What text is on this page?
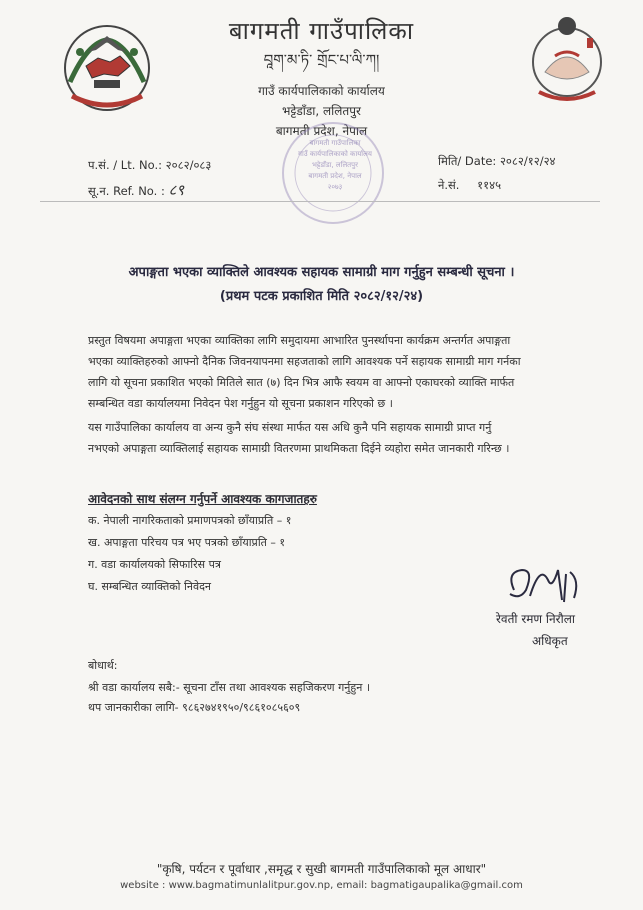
बागमती गाउँपालिका
བཱག་མ་ཏི་ གྲོང་པ་ལི་ཀ།
गाउँ कार्यपालिकाको कार्यालय
भट्टेडाँडा, ललितपुर
बागमती प्रदेश, नेपाल
बागमती गाउँपालिका
गाउँ कार्यपालिकाको कार्यालय
भट्टेडाँडा, ललितपुर
बागमती प्रदेश, नेपाल
२०७३
प.सं. / Lt. No.: २०८२/०८३
सू.न. Ref. No. : ८९
मिति/ Date: २०८२/१२/२४
ने.सं. ११४५
अपाङ्गता भएका व्याक्तिले आवश्यक सहायक सामाग्री माग गर्नुहुन सम्बन्धी सूचना ।
(प्रथम पटक प्रकाशित मिति २०८२/१२/२४)
प्रस्तुत विषयमा अपाङ्गता भएका व्याक्तिका लागि समुदायमा आभारित पुनर्स्थापना कार्यक्रम अन्तर्गत अपाङ्गता
भएका व्याक्तिहरुको आफ्नो दैनिक जिवनयापनमा सहजताको लागि आवश्यक पर्ने सहायक सामाग्री माग गर्नका
लागि यो सूचना प्रकाशित भएको मितिले सात (७) दिन भित्र आफै स्वयम वा आफ्नो एकाघरको व्याक्ति मार्फत
सम्बन्धित वडा कार्यालयमा निवेदन पेश गर्नुहुन यो सूचना प्रकाशन गरिएको छ ।
यस गाउँपालिका कार्यालय वा अन्य कुनै संघ संस्था मार्फत यस अधि कुनै पनि सहायक सामाग्री प्राप्त गर्नु
नभएको अपाङ्गता व्याक्तिलाई सहायक सामाग्री वितरणमा प्राथमिकता दिईने व्यहोरा समेत जानकारी गरिन्छ ।
आवेदनको साथ संलग्न गर्नुपर्ने आवश्यक कागजातहरु
क. नेपाली नागरिकताको प्रमाणपत्रको छाँयाप्रति – १
ख. अपाङ्गता परिचय पत्र भए पत्रको छाँयाप्रति – १
ग. वडा कार्यालयको सिफारिस पत्र
घ. सम्बन्धित व्याक्तिको निवेदन
रेवती रमण निरौला
अधिकृत
बोधार्थ:
श्री वडा कार्यालय सबै:- सूचना टाँस तथा आवश्यक सहजिकरण गर्नुहुन ।
थप जानकारीका लागि- ९८६२७४१९५०/९८६१०८५६०९
"कृषि, पर्यटन र पूर्वाधार ,समृद्ध र सुखी बागमती गाउँपालिकाको मूल आधार"
website : www.bagmatimunlalitpur.gov.np, email: bagmatigaupalika@gmail.com
